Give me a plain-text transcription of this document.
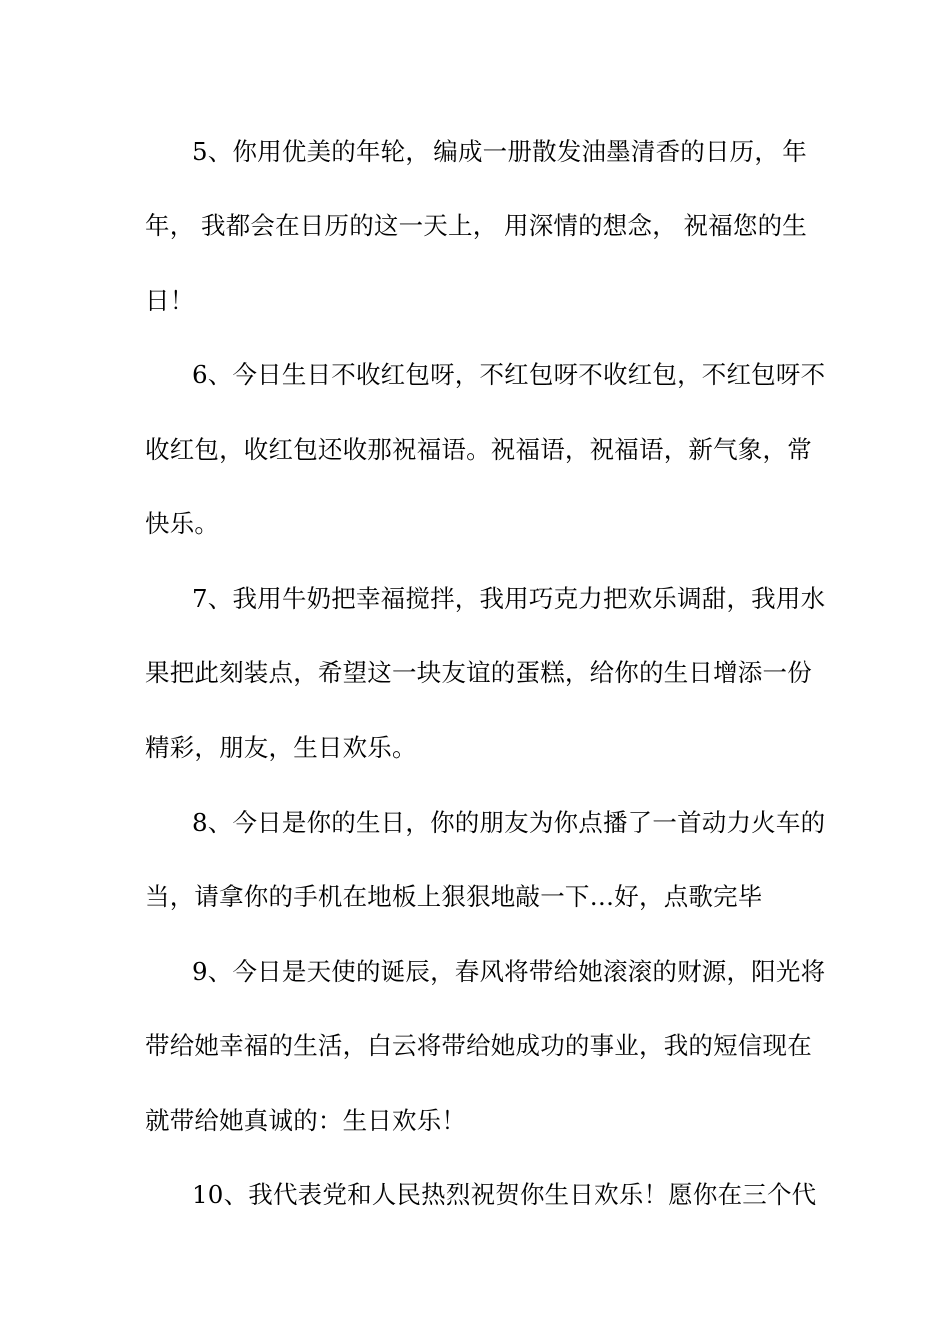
5、你用优美的年轮， 编成一册散发油墨清香的日历， 年
年， 我都会在日历的这一天上， 用深情的想念， 祝福您的生
日！
6、今日生日不收红包呀，不红包呀不收红包，不红包呀不
收红包，收红包还收那祝福语。祝福语，祝福语，新气象，常
快乐。
7、我用牛奶把幸福搅拌，我用巧克力把欢乐调甜，我用水
果把此刻装点，希望这一块友谊的蛋糕，给你的生日增添一份
精彩，朋友，生日欢乐。
8、今日是你的生日，你的朋友为你点播了一首动力火车的
当，请拿你的手机在地板上狠狠地敲一下…好，点歌完毕
9、今日是天使的诞辰，春风将带给她滚滚的财源，阳光将
带给她幸福的生活，白云将带给她成功的事业，我的短信现在
就带给她真诚的：生日欢乐！
10、我代表党和人民热烈祝贺你生日欢乐！愿你在三个代
